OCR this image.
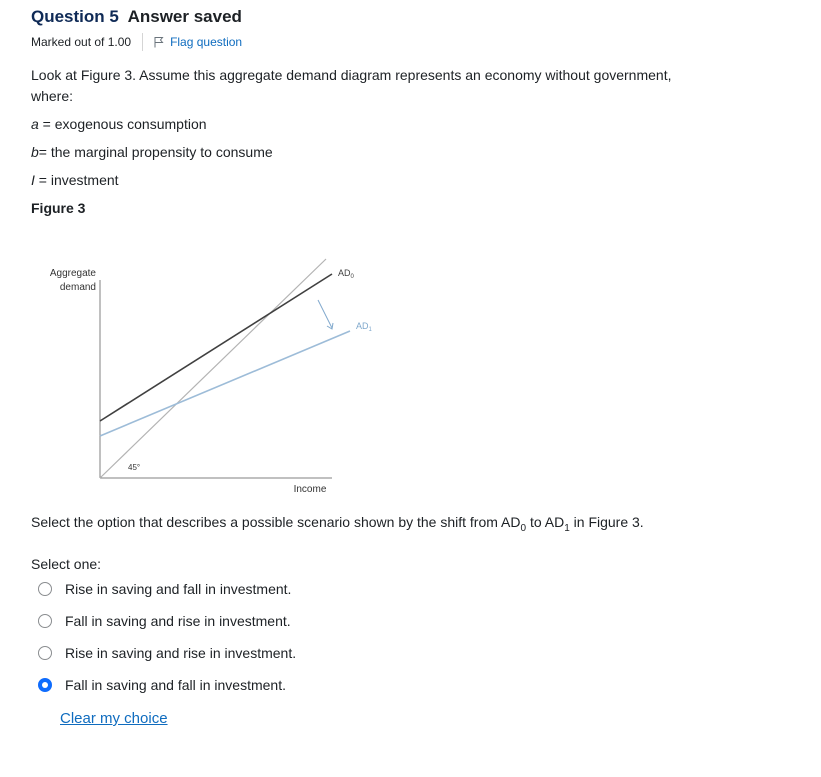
Question 5 Answer saved
Marked out of 1.00	Flag question
Look at Figure 3. Assume this aggregate demand diagram represents an economy without government, where:
a = exogenous consumption
b= the marginal propensity to consume
I = investment
Figure 3
Aggregate
demand
Income
45°
$AD_0$
$AD_1$
Select the option that describes a possible scenario shown by the shift from $AD_0$ to $AD_1$ in Figure 3.
Select one:
Rise in saving and fall in investment.
Fall in saving and rise in investment.
Rise in saving and rise in investment.
Fall in saving and fall in investment.
Clear my choice
